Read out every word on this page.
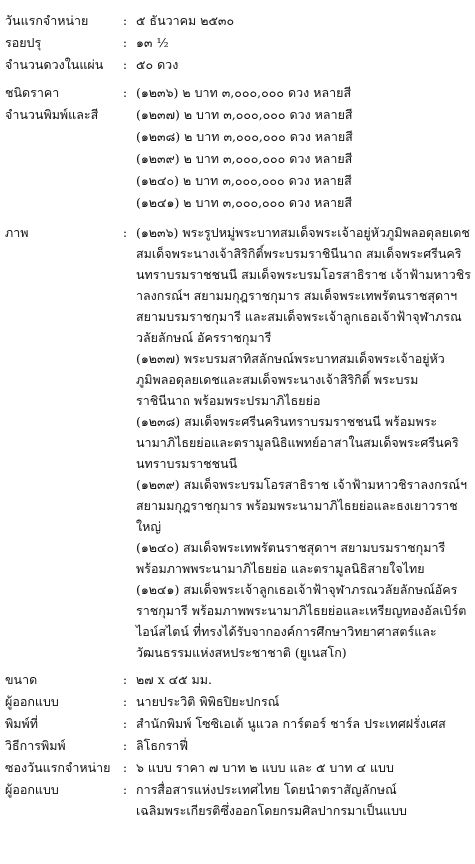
วันแรกจำหน่าย	: ๕ ธันวาคม ๒๕๓๐
รอยปรุ	: ๑๓ ½
จำนวนดวงในแผ่น	: ๕๐ ดวง
ชนิดราคา	: (๑๒๓๖) ๒ บาท ๓,๐๐๐,๐๐๐ ดวง หลายสี
จำนวนพิมพ์และสี	(๑๒๓๗) ๒ บาท ๓,๐๐๐,๐๐๐ ดวง หลายสี
(๑๒๓๘) ๒ บาท ๓,๐๐๐,๐๐๐ ดวง หลายสี
(๑๒๓๙) ๒ บาท ๓,๐๐๐,๐๐๐ ดวง หลายสี
(๑๒๔๐) ๒ บาท ๓,๐๐๐,๐๐๐ ดวง หลายสี
(๑๒๔๑) ๒ บาท ๓,๐๐๐,๐๐๐ ดวง หลายสี
ภาพ	: (๑๒๓๖) พระรูปหมู่พระบาทสมเด็จพระเจ้าอยู่หัวภูมิพลอดุลยเดช สมเด็จพระนางเจ้าสิริกิติ์พระบรมราชินีนาถ สมเด็จพระศรีนครินทราบรมราชชนนี สมเด็จพระบรมโอรสาธิราช เจ้าฟ้ามหาวชิราลงกรณ์ฯ สยามมกุฎราชกุมาร สมเด็จพระเทพรัตนราชสุดาฯ สยามบรมราชกุมารี และสมเด็จพระเจ้าลูกเธอเจ้าฟ้าจุฬาภรณวลัยลักษณ์ อัครราชกุมารี
(๑๒๓๗) พระบรมสาทิสลักษณ์พระบาทสมเด็จพระเจ้าอยู่หัวภูมิพลอดุลยเดชและสมเด็จพระนางเจ้าสิริกิติ์ พระบรมราชินีนาถ พร้อมพระปรมาภิไธยย่อ
(๑๒๓๘) สมเด็จพระศรีนครินทราบรมราชชนนี พร้อมพระนามาภิไธยย่อและตรามูลนิธิแพทย์อาสาในสมเด็จพระศรีนครินทราบรมราชชนนี
(๑๒๓๙) สมเด็จพระบรมโอรสาธิราช เจ้าฟ้ามหาวชิราลงกรณ์ฯ สยามมกุฎราชกุมาร พร้อมพระนามาภิไธยย่อและธงเยาวราชใหญ่
(๑๒๔๐) สมเด็จพระเทพรัตนราชสุดาฯ สยามบรมราชกุมารีพร้อมภาพพระนามาภิไธยย่อ และตรามูลนิธิสายใจไทย
(๑๒๔๑) สมเด็จพระเจ้าลูกเธอเจ้าฟ้าจุฬาภรณวลัยลักษณ์อัครราชกุมารี พร้อมภาพพระนามาภิไธยย่อและเหรียญทองอัลเบิร์ตไอน์สไตน์ ที่ทรงได้รับจากองค์การศึกษาวิทยาศาสตร์และวัฒนธรรมแห่งสหประชาชาติ (ยูเนสโก)
ขนาด	: ๒๗ x ๔๕ มม.
ผู้ออกแบบ	: นายประวิติ พิพิธปิยะปกรณ์
พิมพ์ที่	: สำนักพิมพ์ โซซิเอเต้ นูแวล การ์ตอร์ ชาร์ล ประเทศฝรั่งเศส
วิธีการพิมพ์	: ลิโธกราฟี่
ซองวันแรกจำหน่าย : ๖ แบบ ราคา ๗ บาท ๒ แบบ และ ๕ บาท ๔ แบบ
ผู้ออกแบบ	: การสื่อสารแห่งประเทศไทย โดยนำตราสัญลักษณ์เฉลิมพระเกียรติซึ่งออกโดยกรมศิลปากรมาเป็นแบบ
